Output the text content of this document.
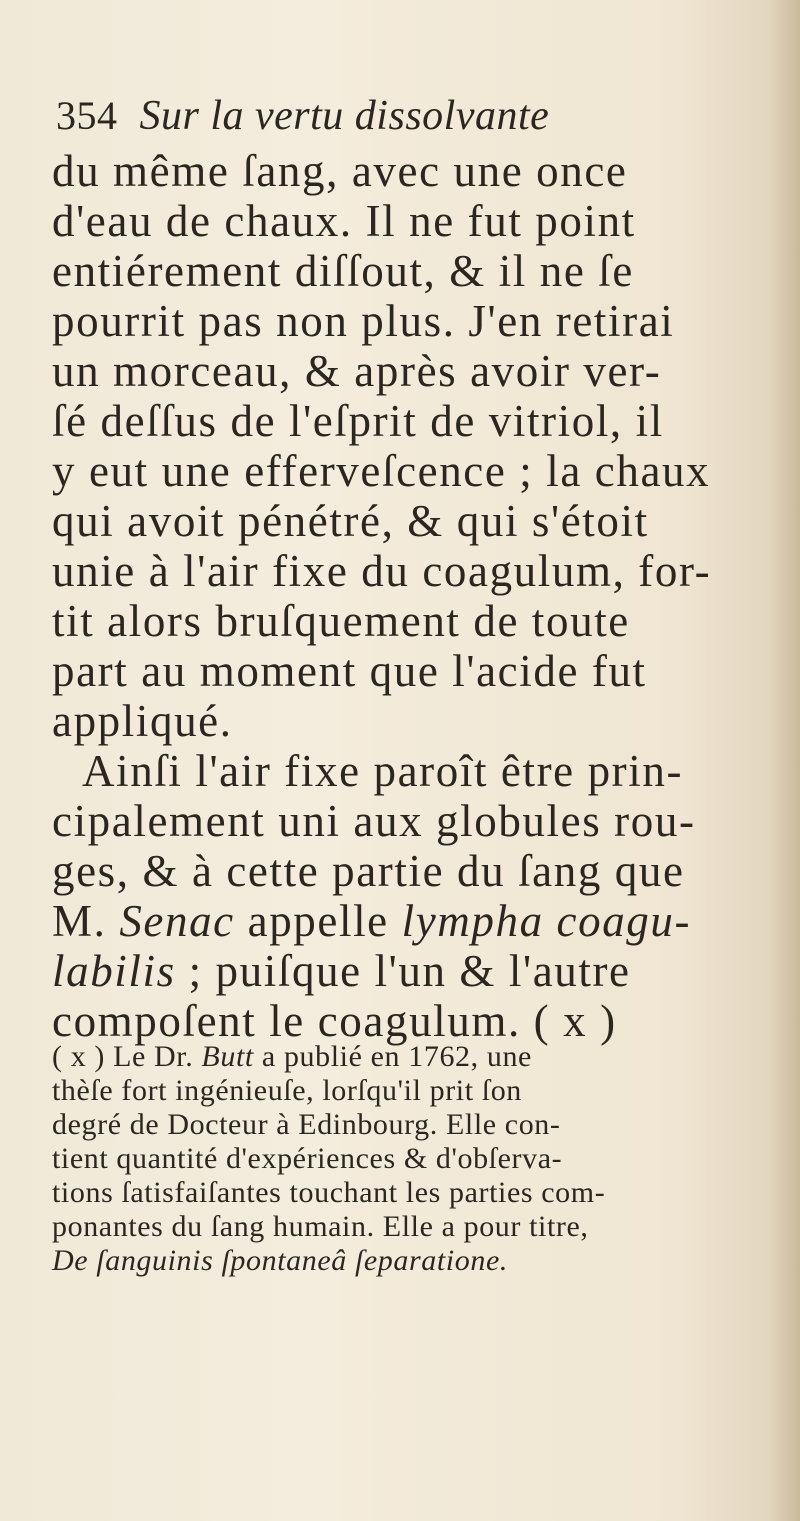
354 Sur la vertu dissolvante
du même ſang, avec une once
d'eau de chaux. Il ne fut point
entiérement diſſout, & il ne ſe
pourrit pas non plus. J'en retirai
un morceau, & après avoir ver-
ſé deſſus de l'eſprit de vitriol, il
y eut une efferveſcence ; la chaux
qui avoit pénétré, & qui s'étoit
unie à l'air fixe du coagulum, for-
tit alors bruſquement de toute
part au moment que l'acide fut
appliqué.
Ainſi l'air fixe paroît être prin-
cipalement uni aux globules rou-
ges, & à cette partie du ſang que
M. Senac appelle lympha coagu-
labilis ; puiſque l'un & l'autre
compoſent le coagulum. ( x )
( x ) Le Dr. Butt a publié en 1762, une
thèſe fort ingénieuſe, lorſqu'il prit ſon
degré de Docteur à Edinbourg. Elle con-
tient quantité d'expériences & d'obſerva-
tions ſatisfaiſantes touchant les parties com-
ponantes du ſang humain. Elle a pour titre,
De ſanguinis ſpontaneâ ſeparatione.
